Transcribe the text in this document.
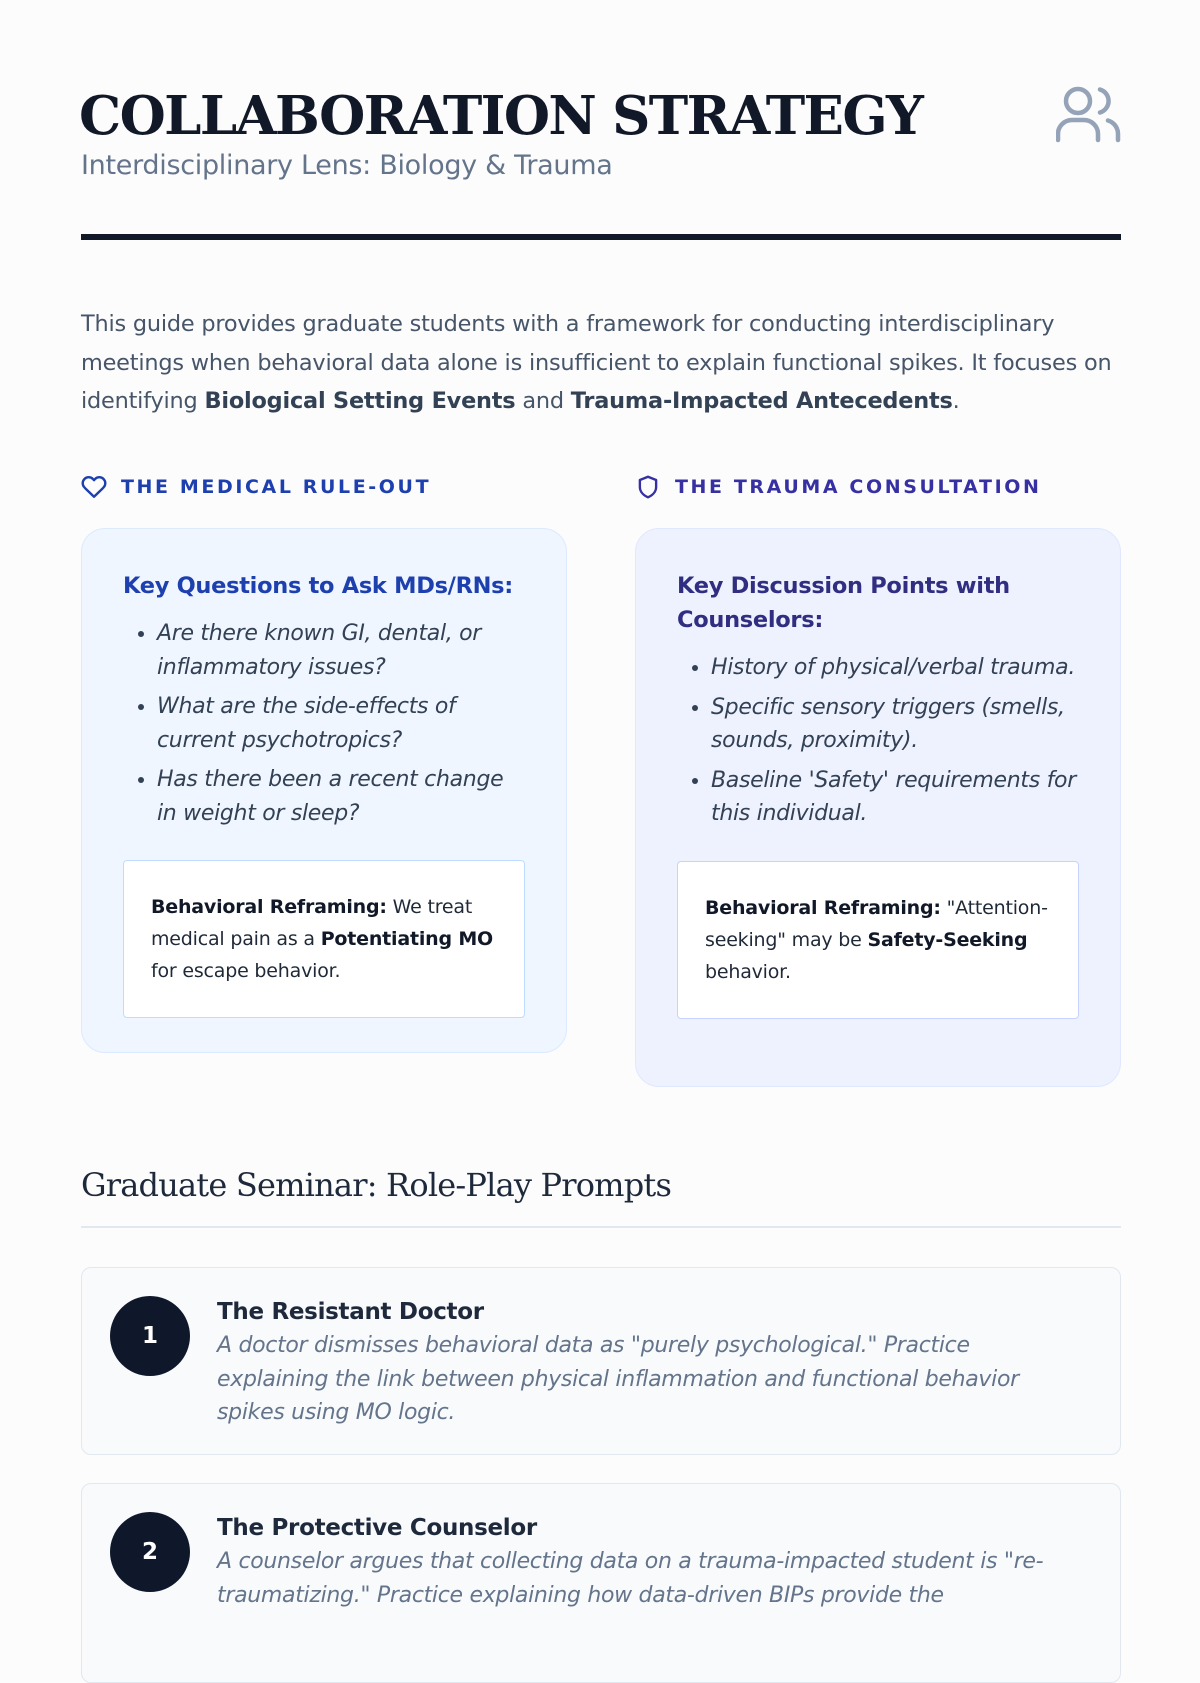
COLLABORATION STRATEGY
Interdisciplinary Lens: Biology & Trauma

This guide provides graduate students with a framework for conducting interdisciplinary meetings when behavioral data alone is insufficient to explain functional spikes. It focuses on identifying Biological Setting Events and Trauma-Impacted Antecedents.

THE MEDICAL RULE-OUT
Key Questions to Ask MDs/RNs:
• Are there known GI, dental, or inflammatory issues?
• What are the side-effects of current psychotropics?
• Has there been a recent change in weight or sleep?
Behavioral Reframing: We treat medical pain as a Potentiating MO for escape behavior.
THE TRAUMA CONSULTATION
Key Discussion Points with Counselors:
• History of physical/verbal trauma.
• Specific sensory triggers (smells, sounds, proximity).
• Baseline 'Safety' requirements for this individual.
Behavioral Reframing: "Attention-seeking" may be Safety-Seeking behavior.
Graduate Seminar: Role-Play Prompts
1
The Resistant Doctor

A doctor dismisses behavioral data as "purely psychological." Practice explaining the link between physical inflammation and functional behavior spikes using MO logic.

2
The Protective Counselor

A counselor argues that collecting data on a trauma-impacted student is "re-traumatizing." Practice explaining how data-driven BIPs provide the
